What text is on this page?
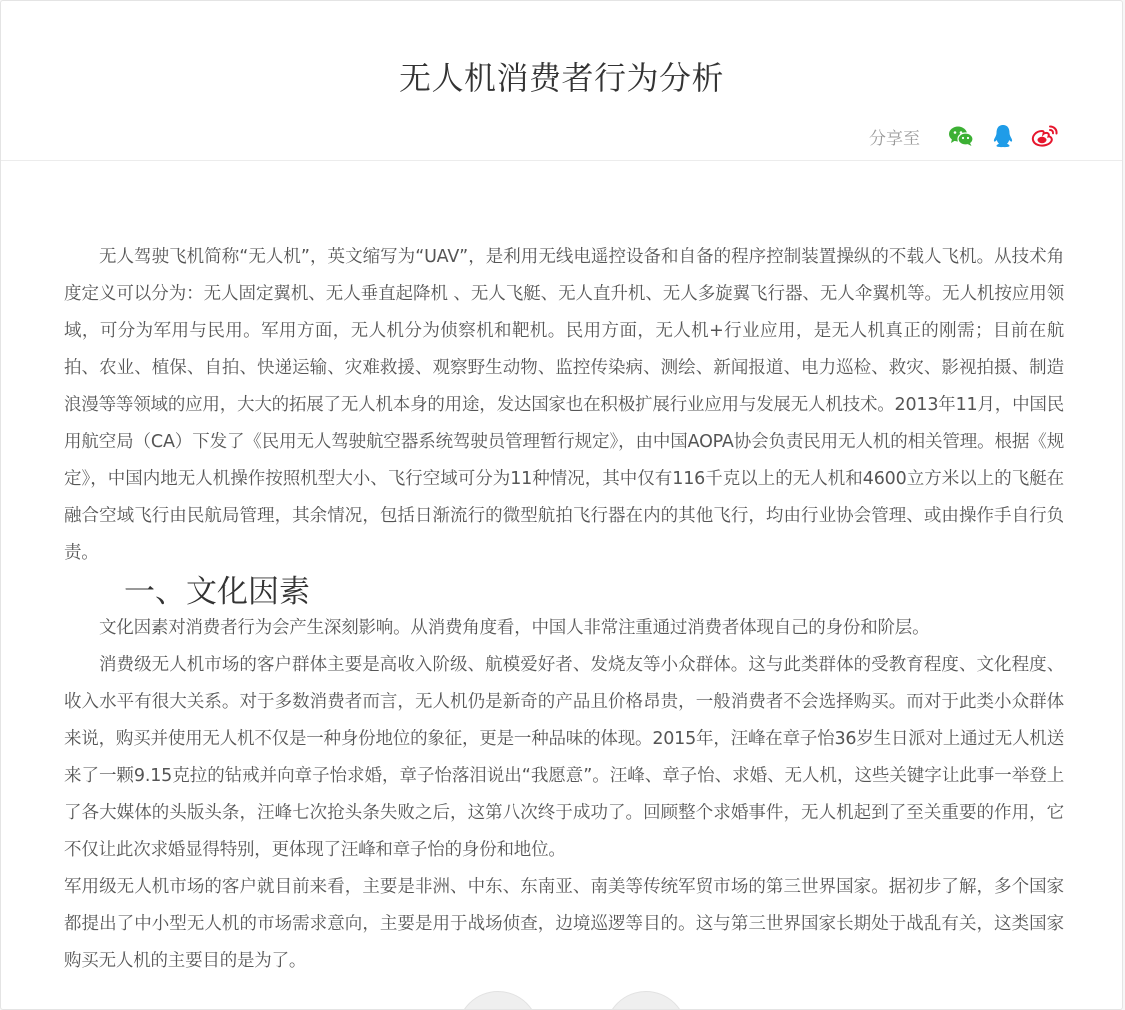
无人机消费者行为分析
分享至

无人驾驶飞机简称“无人机”，英文缩写为“UAV”，是利用无线电遥控设备和自备的程序控制装置操纵的不载人飞机。从技术角度定义可以分为：无人固定翼机、无人垂直起降机 、无人飞艇、无人直升机、无人多旋翼飞行器、无人伞翼机等。无人机按应用领域，可分为军用与民用。军用方面，无人机分为侦察机和靶机。民用方面，无人机+行业应用，是无人机真正的刚需；目前在航拍、农业、植保、自拍、快递运输、灾难救援、观察野生动物、监控传染病、测绘、新闻报道、电力巡检、救灾、影视拍摄、制造浪漫等等领域的应用，大大的拓展了无人机本身的用途，发达国家也在积极扩展行业应用与发展无人机技术。2013年11月，中国民用航空局（CA）下发了《民用无人驾驶航空器系统驾驶员管理暂行规定》，由中国AOPA协会负责民用无人机的相关管理。根据《规定》，中国内地无人机操作按照机型大小、飞行空域可分为11种情况，其中仅有116千克以上的无人机和4600立方米以上的飞艇在融合空域飞行由民航局管理，其余情况，包括日渐流行的微型航拍飞行器在内的其他飞行，均由行业协会管理、或由操作手自行负责。

一、文化因素

文化因素对消费者行为会产生深刻影响。从消费角度看，中国人非常注重通过消费者体现自己的身份和阶层。

消费级无人机市场的客户群体主要是高收入阶级、航模爱好者、发烧友等小众群体。这与此类群体的受教育程度、文化程度、收入水平有很大关系。对于多数消费者而言，无人机仍是新奇的产品且价格昂贵，一般消费者不会选择购买。而对于此类小众群体来说，购买并使用无人机不仅是一种身份地位的象征，更是一种品味的体现。2015年，汪峰在章子怡36岁生日派对上通过无人机送来了一颗9.15克拉的钻戒并向章子怡求婚，章子怡落泪说出“我愿意”。汪峰、章子怡、求婚、无人机，这些关键字让此事一举登上了各大媒体的头版头条，汪峰七次抢头条失败之后，这第八次终于成功了。回顾整个求婚事件，无人机起到了至关重要的作用，它不仅让此次求婚显得特别，更体现了汪峰和章子怡的身份和地位。

军用级无人机市场的客户就目前来看，主要是非洲、中东、东南亚、南美等传统军贸市场的第三世界国家。据初步了解，多个国家都提出了中小型无人机的市场需求意向，主要是用于战场侦查，边境巡逻等目的。这与第三世界国家长期处于战乱有关，这类国家购买无人机的主要目的是为了。
